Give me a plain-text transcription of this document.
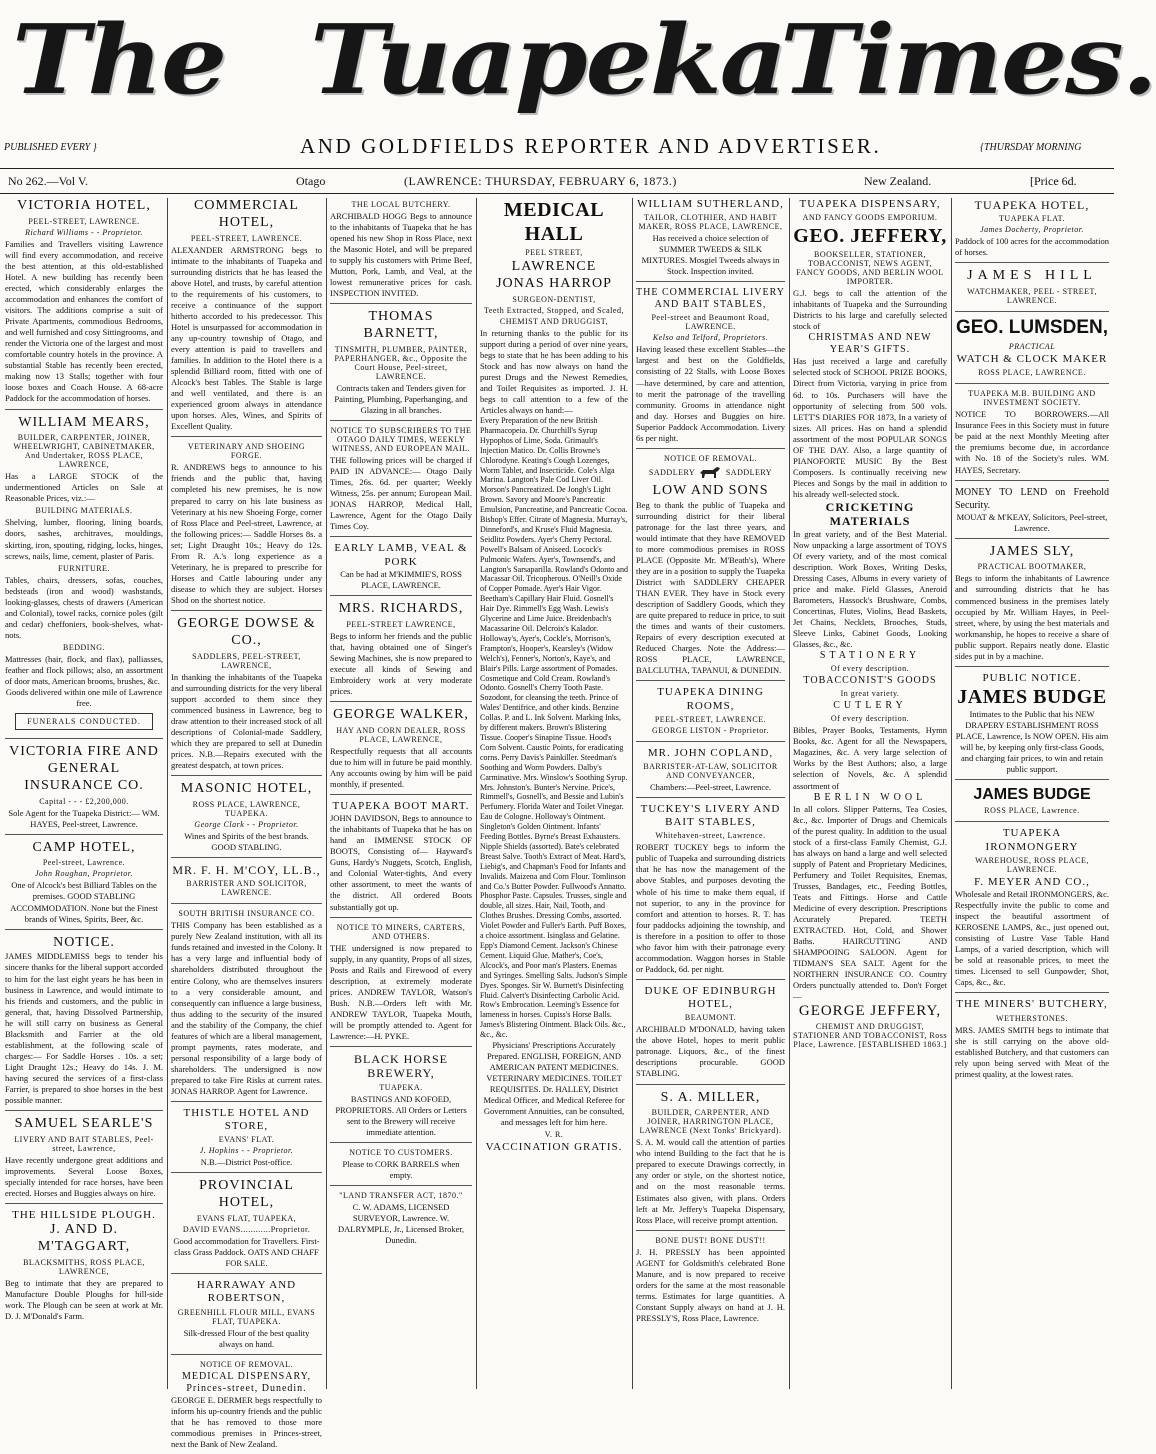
The Tuapeka
Times.
PUBLISHED EVERY }	AND GOLDFIELDS REPORTER AND ADVERTISER.	{THURSDAY MORNING
No 262.—Vol V.	Otago	(LAWRENCE: THURSDAY, FEBRUARY 6, 1873.)	New Zealand.	[Price 6d.
VICTORIA HOTEL,
PEEL-STREET, LAWRENCE.
Richard Williams - - Proprietor.
Families and Travellers visiting Lawrence will find every accommodation, and receive the best attention, at this old-established Hotel. A new building has recently been erected, which considerably enlarges the accommodation and enhances the comfort of visitors. The additions comprise a suit of Private Apartments, commodious Bedrooms, and well furnished and cosy Sittingrooms, and render the Victoria one of the largest and most comfortable country hotels in the province. A substantial Stable has recently been erected, making now 13 Stalls; together with four loose boxes and Coach House. A 68-acre Paddock for the accommodation of horses.
WILLIAM MEARS,
BUILDER, CARPENTER, JOINER, WHEELWRIGHT, CABINETMAKER, And Undertaker, ROSS PLACE, LAWRENCE,
Has a LARGE STOCK of the undermentioned Articles on Sale at Reasonable Prices, viz.:—
BUILDING MATERIALS.
Shelving, lumber, flooring, lining boards, doors, sashes, architraves, mouldings, skirting, iron, spouting, ridging, locks, hinges, screws, nails, lime, cement, plaster of Paris.
FURNITURE.
Tables, chairs, dressers, sofas, couches, bedsteads (iron and wood) washstands, looking-glasses, chests of drawers (American and Colonial), towel racks, cornice poles (gilt and cedar) cheffoniers, book-shelves, what-nots.
BEDDING.
Mattresses (hair, flock, and flax), palliasses, feather and flock pillows; also, an assortment of door mats, American brooms, brushes, &c.
Goods delivered within one mile of Lawrence free.
FUNERALS CONDUCTED.
VICTORIA FIRE AND GENERAL INSURANCE CO.
Capital - - - £2,200,000.
Sole Agent for the Tuapeka District:— WM. HAYES, Peel-street, Lawrence.
CAMP HOTEL,
Peel-street, Lawrence.
John Roughan, Proprietor.
One of Alcock's best Billiard Tables on the premises. GOOD STABLING ACCOMMODATION. None but the Finest brands of Wines, Spirits, Beer, &c.
NOTICE.
JAMES MIDDLEMISS begs to tender his sincere thanks for the liberal support accorded to him for the last eight years he has been in business in Lawrence, and would intimate to his friends and customers, and the public in general, that, having Dissolved Partnership, he will still carry on business as General Blacksmith and Farrier at the old establishment, at the following scale of charges:— For Saddle Horses . 10s. a set; Light Draught 12s.; Heavy do 14s. J. M. having secured the services of a first-class Farrier, is prepared to shoe horses in the best possible manner.
SAMUEL SEARLE'S
LIVERY AND BAIT STABLES, Peel-street, Lawrence,
Have recently undergone great additions and improvements. Several Loose Boxes, specially intended for race horses, have been erected. Horses and Buggies always on hire.
THE HILLSIDE PLOUGH.
J. AND D. M'TAGGART,
BLACKSMITHS, ROSS PLACE, LAWRENCE,
Beg to intimate that they are prepared to Manufacture Double Ploughs for hill-side work. The Plough can be seen at work at Mr. D. J. M'Donald's Farm.
COMMERCIAL HOTEL,
PEEL-STREET, LAWRENCE.
ALEXANDER ARMSTRONG begs to intimate to the inhabitants of Tuapeka and surrounding districts that he has leased the above Hotel, and trusts, by careful attention to the requirements of his customers, to receive a continuance of the support hitherto accorded to his predecessor. This Hotel is unsurpassed for accommodation in any up-country township of Otago, and every attention is paid to travellers and families. In addition to the Hotel there is a splendid Billiard room, fitted with one of Alcock's best Tables. The Stable is large and well ventilated, and there is an experienced groom always in attendance upon horses. Ales, Wines, and Spirits of Excellent Quality.
VETERINARY AND SHOEING FORGE.
R. ANDREWS begs to announce to his friends and the public that, having completed his new premises, he is now prepared to carry on his late business as Veterinary at his new Shoeing Forge, corner of Ross Place and Peel-street, Lawrence, at the following prices:— Saddle Horses 8s. a set; Light Draught 10s.; Heavy do 12s. From R. A.'s long experience as a Veterinary, he is prepared to prescribe for Horses and Cattle labouring under any disease to which they are subject. Horses Shod on the shortest notice.
GEORGE DOWSE & CO.,
SADDLERS, PEEL-STREET, LAWRENCE,
In thanking the inhabitants of the Tuapeka and surrounding districts for the very liberal support accorded to them since they commenced business in Lawrence, beg to draw attention to their increased stock of all descriptions of Colonial-made Saddlery, which they are prepared to sell at Dunedin prices. N.B.—Repairs executed with the greatest despatch, at town prices.
MASONIC HOTEL,
ROSS PLACE, LAWRENCE, TUAPEKA.
George Clark - - Proprietor.
Wines and Spirits of the best brands. GOOD STABLING.
MR. F. H. M'COY, LL.B.,
BARRISTER AND SOLICITOR, LAWRENCE.
SOUTH BRITISH INSURANCE CO.
THIS Company has been established as a purely New Zealand institution, with all its funds retained and invested in the Colony. It has a very large and influential body of shareholders distributed throughout the entire Colony, who are themselves insurers to a very considerable amount, and consequently can influence a large business, thus adding to the security of the insured and the stability of the Company, the chief features of which are a liberal management, prompt payments, rates moderate, and personal responsibility of a large body of shareholders. The undersigned is now prepared to take Fire Risks at current rates. JONAS HARROP. Agent for Lawrence.
THISTLE HOTEL AND STORE,
EVANS' FLAT.
J. Hopkins - - Proprietor.
N.B.—District Post-office.
PROVINCIAL HOTEL,
EVANS FLAT, TUAPEKA,
DAVID EVANS............Proprietor.
Good accommodation for Travellers. First-class Grass Paddock. OATS AND CHAFF FOR SALE.
HARRAWAY AND ROBERTSON,
GREENHILL FLOUR MILL, EVANS FLAT, TUAPEKA.
Silk-dressed Flour of the best quality always on hand.
NOTICE OF REMOVAL.
MEDICAL DISPENSARY, Princes-street, Dunedin.
GEORGE E. DERMER begs respectfully to inform his up-country friends and the public that he has removed to those more commodious premises in Princes-street, next the Bank of New Zealand.
THE LOCAL BUTCHERY.
ARCHIBALD HOGG Begs to announce to the inhabitants of Tuapeka that he has opened his new Shop in Ross Place, next the Masonic Hotel, and will be prepared to supply his customers with Prime Beef, Mutton, Pork, Lamb, and Veal, at the lowest remunerative prices for cash. INSPECTION INVITED.
THOMAS BARNETT,
TINSMITH, PLUMBER, PAINTER, PAPERHANGER, &c., Opposite the Court House, Peel-street, LAWRENCE.
Contracts taken and Tenders given for Painting, Plumbing, Paperhanging, and Glazing in all branches.
NOTICE TO SUBSCRIBERS TO THE OTAGO DAILY TIMES, WEEKLY WITNESS, AND EUROPEAN MAIL.
THE following prices will be charged if PAID IN ADVANCE:— Otago Daily Times, 26s. 6d. per quarter; Weekly Witness, 25s. per annum; European Mail. JONAS HARROP, Medical Hall, Lawrence, Agent for the Otago Daily Times Coy.
EARLY LAMB, VEAL & PORK
Can be had at M'KIMMIE'S, ROSS PLACE, LAWRENCE.
MRS. RICHARDS,
PEEL-STREET LAWRENCE,
Begs to inform her friends and the public that, having obtained one of Singer's Sewing Machines, she is now prepared to execute all kinds of Sewing and Embroidery work at very moderate prices.
GEORGE WALKER,
HAY AND CORN DEALER, ROSS PLACE, LAWRENCE,
Respectfully requests that all accounts due to him will in future be paid monthly. Any accounts owing by him will be paid monthly, if presented.
TUAPEKA BOOT MART.
JOHN DAVIDSON, Begs to announce to the inhabitants of Tuapeka that he has on hand an IMMENSE STOCK OF BOOTS, Consisting of— Hayward's Guns, Hardy's Nuggets, Scotch, English, and Colonial Water-tights, And every other assortment, to meet the wants of the district. All ordered Boots substantially got up.
NOTICE TO MINERS, CARTERS, AND OTHERS.
THE undersigned is now prepared to supply, in any quantity, Props of all sizes, Posts and Rails and Firewood of every description, at extremely moderate prices. ANDREW TAYLOR, Watson's Bush. N.B.—Orders left with Mr. ANDREW TAYLOR, Tuapeka Mouth, will be promptly attended to. Agent for Lawrence:—H. PYKE.
BLACK HORSE BREWERY,
TUAPEKA.
BASTINGS AND KOFOED, PROPRIETORS. All Orders or Letters sent to the Brewery will receive immediate attention.
NOTICE TO CUSTOMERS.
Please to CORK BARRELS when empty.
"LAND TRANSFER ACT, 1870."
C. W. ADAMS, LICENSED SURVEYOR, Lawrence. W. DALRYMPLE, Jr., Licensed Broker, Dunedin.
MEDICAL HALL
PEEL STREET,
LAWRENCE
JONAS HARROP
SURGEON-DENTIST,
Teeth Extracted, Stopped, and Scaled,
CHEMIST AND DRUGGIST,
In returning thanks to the public for its support during a period of over nine years, begs to state that he has been adding to his Stock and has now always on hand the purest Drugs and the Newest Remedies, and Toilet Requisites as imported. J. H. begs to call attention to a few of the Articles always on hand:—
Every Preparation of the new British Pharmacopeia. Dr. Churchill's Syrup Hypophos of Lime, Soda. Grimault's Injection Matico. Dr. Collis Browne's Chlorodyne. Keating's Cough Lozenges, Worm Tablet, and Insecticide. Cole's Alga Marina. Langton's Pale Cod Liver Oil. Morson's Pancreatized. De Jongh's Light Brown. Savory and Moore's Pancreatic Emulsion, Pancreatine, and Pancreatic Cocoa. Bishop's Effer. Citrate of Magnesia. Murray's, Dinneford's, and Kruse's Fluid Magnesia. Seidlitz Powders. Ayer's Cherry Pectoral. Powell's Balsam of Aniseed. Locock's Pulmonic Wafers. Ayer's, Townsend's, and Langton's Sarsaparilla. Rowland's Odonto and Macassar Oil. Tricopherous. O'Neill's Oxide of Copper Pomade. Ayer's Hair Vigor. Beetham's Capillary Hair Fluid. Gosnell's Hair Dye. Rimmell's Egg Wash. Lewis's Glycerine and Lime Juice. Breidenbach's Macassarine Oil. Delcroix's Kalador. Holloway's, Ayer's, Cockle's, Morrison's, Frampton's, Hooper's, Kearsley's (Widow Welch's), Fenner's, Norton's, Kaye's, and Blair's Pills. Large assortment of Pomades. Cosmetique and Cold Cream. Rowland's Odonto. Gosnell's Cherry Tooth Paste. Sozodont, for cleansing the teeth. Prince of Wales' Dentifrice, and other kinds. Benzine Collas. P. and L. Ink Solvent. Marking Inks, by different makers. Brown's Blistering Tissue. Cooper's Sinapine Tissue. Hood's Corn Solvent. Caustic Points, for eradicating corns. Perry Davis's Painkiller. Steedman's Soothing and Worm Powders. Dalby's Carminative. Mrs. Winslow's Soothing Syrup. Mrs. Johnston's. Bunter's Nervine. Price's, Rimmell's, Gosnell's, and Bessie and Lubin's Perfumery. Florida Water and Toilet Vinegar. Eau de Cologne. Holloway's Ointment. Singleton's Golden Ointment. Infants' Feeding Bottles. Byrne's Breast Exhausters. Nipple Shields (assorted). Bate's celebrated Breast Salve. Tooth's Extract of Meat. Hard's, Liebig's, and Chapman's Food for Infants and Invalids. Maizena and Corn Flour. Tomlinson and Co.'s Butter Powder. Fullwood's Annatto. Phosphor Paste. Capsules. Trusses, single and double, all sizes. Hair, Nail, Tooth, and Clothes Brushes. Dressing Combs, assorted. Violet Powder and Fuller's Earth. Puff Boxes, a choice assortment. Isinglass and Gelatine. Epp's Diamond Cement. Jackson's Chinese Cement. Liquid Glue. Mather's, Coe's, Alcock's, and Poor man's Plasters. Enemas and Syringes. Smelling Salts. Judson's Simple Dyes. Sponges. Sir W. Burnett's Disinfecting Fluid. Calvert's Disinfecting Carbolic Acid. Row's Embrocation. Leeming's Essence for lameness in horses. Cupiss's Horse Balls. James's Blistering Ointment. Black Oils. &c., &c., &c.
Physicians' Prescriptions Accurately Prepared. ENGLISH, FOREIGN, AND AMERICAN PATENT MEDICINES. VETERINARY MEDICINES. TOILET REQUISITES. Dr. HALLEY, District Medical Officer, and Medical Referee for Government Annuities, can be consulted, and messages left for him here.
V. R.
VACCINATION GRATIS.
WILLIAM SUTHERLAND,
TAILOR, CLOTHIER, AND HABIT MAKER, ROSS PLACE, LAWRENCE,
Has received a choice selection of SUMMER TWEEDS & SILK MIXTURES. Mosgiel Tweeds always in Stock. Inspection invited.
THE COMMERCIAL LIVERY AND BAIT STABLES,
Peel-street and Beaumont Road, LAWRENCE.
Kelso and Telford, Proprietors.
Having leased these excellent Stables—the largest and best on the Goldfields, consisting of 22 Stalls, with Loose Boxes—have determined, by care and attention, to merit the patronage of the travelling community. Grooms in attendance night and day. Horses and Buggies on hire. Superior Paddock Accommodation. Livery 6s per night.
NOTICE OF REMOVAL.
SADDLERY	SADDLERY
LOW AND SONS
Beg to thank the public of Tuapeka and surrounding district for their liberal patronage for the last three years, and would intimate that they have REMOVED to more commodious premises in ROSS PLACE (Opposite Mr. M'Beath's), Where they are in a position to supply the Tuapeka District with SADDLERY CHEAPER THAN EVER. They have in Stock every description of Saddlery Goods, which they are quite prepared to reduce in price, to suit the times and wants of their customers. Repairs of every description executed at Reduced Charges. Note the Address:— ROSS PLACE, LAWRENCE, BALCLUTHA, TAPANUI, & DUNEDIN.
TUAPEKA DINING ROOMS,
PEEL-STREET, LAWRENCE.
GEORGE LISTON - Proprietor.
MR. JOHN COPLAND,
BARRISTER-AT-LAW, SOLICITOR AND CONVEYANCER,
Chambers:—Peel-street, Lawrence.
TUCKEY'S LIVERY AND BAIT STABLES,
Whitehaven-street, Lawrence.
ROBERT TUCKEY begs to inform the public of Tuapeka and surrounding districts that he has now the management of the above Stables, and purposes devoting the whole of his time to make them equal, if not superior, to any in the province for comfort and attention to horses. R. T. has four paddocks adjoining the township, and is therefore in a position to offer to those who favor him with their patronage every accommodation. Waggon horses in Stable or Paddock, 6d. per night.
DUKE OF EDINBURGH HOTEL,
BEAUMONT.
ARCHIBALD M'DONALD, having taken the above Hotel, hopes to merit public patronage. Liquors, &c., of the finest descriptions procurable. GOOD STABLING.
S. A. MILLER,
BUILDER, CARPENTER, AND JOINER, HARRINGTON PLACE, LAWRENCE (Next Tonks' Brickyard).
S. A. M. would call the attention of parties who intend Building to the fact that he is prepared to execute Drawings correctly, in any order or style, on the shortest notice, and on the most reasonable terms. Estimates also given, with plans. Orders left at Mr. Jeffery's Tuapeka Dispensary, Ross Place, will receive prompt attention.
BONE DUST! BONE DUST!!
J. H. PRESSLY has been appointed AGENT for Goldsmith's celebrated Bone Manure, and is now prepared to receive orders for the same at the most reasonable terms. Estimates for large quantities. A Constant Supply always on hand at J. H. PRESSLY'S, Ross Place, Lawrence.
TUAPEKA DISPENSARY,
AND FANCY GOODS EMPORIUM.
GEO. JEFFERY,
BOOKSELLER, STATIONER, TOBACCONIST, NEWS AGENT, FANCY GOODS, AND BERLIN WOOL IMPORTER.
G.J. begs to call the attention of the inhabitants of Tuapeka and the Surrounding Districts to his large and carefully selected stock of
CHRISTMAS AND NEW YEAR'S GIFTS.
Has just received a large and carefully selected stock of SCHOOL PRIZE BOOKS, Direct from Victoria, varying in price from 6d. to 10s. Purchasers will have the opportunity of selecting from 500 vols. LETT'S DIARIES FOR 1873, In a variety of sizes. All prices. Has on hand a splendid assortment of the most POPULAR SONGS OF THE DAY. Also, a large quantity of PIANOFORTE MUSIC By the Best Composers. Is continually receiving new Pieces and Songs by the mail in addition to his already well-selected stock.
CRICKETING MATERIALS
In great variety, and of the Best Material. Now unpacking a large assortment of TOYS Of every variety, and of the most comical description. Work Boxes, Writing Desks, Dressing Cases, Albums in every variety of price and make. Field Glasses, Aneroid Barometers, Hassock's Brushware, Combs, Concertinas, Flutes, Violins, Bead Baskets, Jet Chains, Necklets, Brooches, Studs, Sleeve Links, Cabinet Goods, Looking Glasses, &c., &c.
STATIONERY
Of every description.
TOBACCONIST'S GOODS
In great variety.
CUTLERY
Of every description.
Bibles, Prayer Books, Testaments, Hymn Books, &c. Agent for all the Newspapers, Magazines, &c. A very large selection of Works by the Best Authors; also, a large selection of Novels, &c. A splendid assortment of
BERLIN WOOL
In all colors. Slipper Patterns, Tea Cosies, &c., &c. Importer of Drugs and Chemicals of the purest quality. In addition to the usual stock of a first-class Family Chemist, G.J. has always on hand a large and well selected supply of Patent and Proprietary Medicines, Perfumery and Toilet Requisites, Enemas, Trusses, Bandages, etc., Feeding Bottles, Teats and Fittings. Horse and Cattle Medicine of every description. Prescriptions Accurately Prepared. TEETH EXTRACTED. Hot, Cold, and Shower Baths. HAIRCUTTING AND SHAMPOOING SALOON. Agent for TIDMAN'S SEA SALT. Agent for the NORTHERN INSURANCE CO. Country Orders punctually attended to. Don't Forget—
GEORGE JEFFERY,
CHEMIST AND DRUGGIST, STATIONER AND TOBACCONIST, Ross Place, Lawrence. [ESTABLISHED 1863.]
TUAPEKA HOTEL,
TUAPEKA FLAT.
James Docherty, Proprietor.
Paddock of 100 acres for the accommodation of horses.
JAMES HILL
WATCHMAKER, PEEL - STREET, LAWRENCE.
GEO. LUMSDEN,
PRACTICAL
WATCH & CLOCK MAKER
ROSS PLACE, LAWRENCE.
TUAPEKA M.B. BUILDING AND INVESTMENT SOCIETY.
NOTICE TO BORROWERS.—All Insurance Fees in this Society must in future be paid at the next Monthly Meeting after the premiums become due, in accordance with No. 18 of the Society's rules. WM. HAYES, Secretary.
MONEY TO LEND on Freehold Security.
MOUAT & M'KEAY, Solicitors, Peel-street, Lawrence.
JAMES SLY,
PRACTICAL BOOTMAKER,
Begs to inform the inhabitants of Lawrence and surrounding districts that he has commenced business in the premises lately occupied by Mr. William Hayes, in Peel-street, where, by using the best materials and workmanship, he hopes to receive a share of public support. Repairs neatly done. Elastic sides put in by a machine.
PUBLIC NOTICE.
JAMES BUDGE
Intimates to the Public that his NEW DRAPERY ESTABLISHMENT ROSS PLACE, Lawrence, Is NOW OPEN. His aim will be, by keeping only first-class Goods, and charging fair prices, to win and retain public support.
JAMES BUDGE
ROSS PLACE, Lawrence.
TUAPEKA IRONMONGERY
WAREHOUSE, ROSS PLACE, LAWRENCE.
F. MEYER AND CO.,
Wholesale and Retail IRONMONGERS, &c. Respectfully invite the public to come and inspect the beautiful assortment of KEROSENE LAMPS, &c., just opened out, consisting of Lustre Vase Table Hand Lamps, of a varied description, which will be sold at reasonable prices, to meet the times. Licensed to sell Gunpowder, Shot, Caps, &c., &c.
THE MINERS' BUTCHERY,
WETHERSTONES.
MRS. JAMES SMITH begs to intimate that she is still carrying on the above old-established Butchery, and that customers can rely upon being served with Meat of the primest quality, at the lowest rates.
